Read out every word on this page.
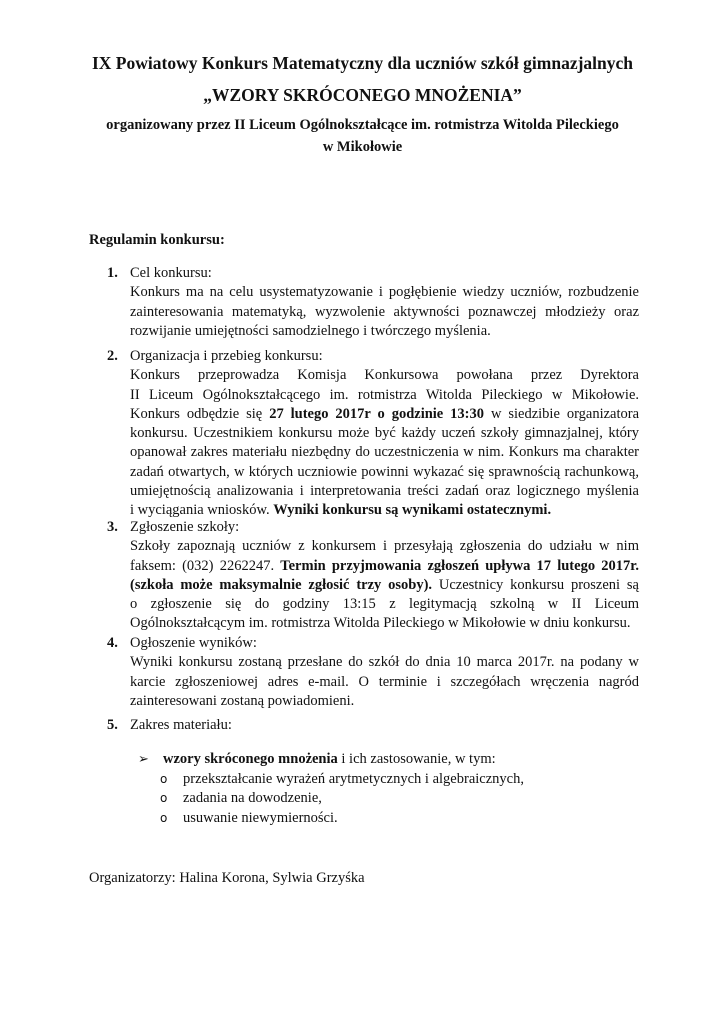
IX Powiatowy Konkurs Matematyczny dla uczniów szkół gimnazjalnych
„WZORY SKRÓCONEGO MNOŻENIA”
organizowany przez II Liceum Ogólnokształcące im. rotmistrza Witolda Pileckiego
w Mikołowie
Regulamin konkursu:
1. Cel konkursu:
Konkurs ma na celu usystematyzowanie i pogłębienie wiedzy uczniów, rozbudzenie
zainteresowania matematyką, wyzwolenie aktywności poznawczej młodzieży oraz
rozwijanie umiejętności samodzielnego i twórczego myślenia.
2. Organizacja i przebieg konkursu:
Konkurs przeprowadza Komisja Konkursowa powołana przez Dyrektora
II Liceum Ogólnokształcącego im. rotmistrza Witolda Pileckiego w Mikołowie.
Konkurs odbędzie się 27 lutego 2017r o godzinie 13:30 w siedzibie organizatora
konkursu. Uczestnikiem konkursu może być każdy uczeń szkoły gimnazjalnej, który
opanował zakres materiału niezbędny do uczestniczenia w nim. Konkurs ma charakter
zadań otwartych, w których uczniowie powinni wykazać się sprawnością rachunkową,
umiejętnością analizowania i interpretowania treści zadań oraz logicznego myślenia
i wyciągania wniosków. Wyniki konkursu są wynikami ostatecznymi.
3. Zgłoszenie szkoły:
Szkoły zapoznają uczniów z konkursem i przesyłają zgłoszenia do udziału w nim
faksem: (032) 2262247. Termin przyjmowania zgłoszeń upływa 17 lutego 2017r.
(szkoła może maksymalnie zgłosić trzy osoby). Uczestnicy konkursu proszeni są
o zgłoszenie się do godziny 13:15 z legitymacją szkolną w II Liceum
Ogólnokształcącym im. rotmistrza Witolda Pileckiego w Mikołowie w dniu konkursu.
4. Ogłoszenie wyników:
Wyniki konkursu zostaną przesłane do szkół do dnia 10 marca 2017r. na podany w
karcie zgłoszeniowej adres e-mail. O terminie i szczegółach wręczenia nagród
zainteresowani zostaną powiadomieni.
5. Zakres materiału:
➢ wzory skróconego mnożenia i ich zastosowanie, w tym:
o	przekształcanie wyrażeń arytmetycznych i algebraicznych,
o	zadania na dowodzenie,
o	usuwanie niewymierności.
Organizatorzy: Halina Korona, Sylwia Grzyśka
